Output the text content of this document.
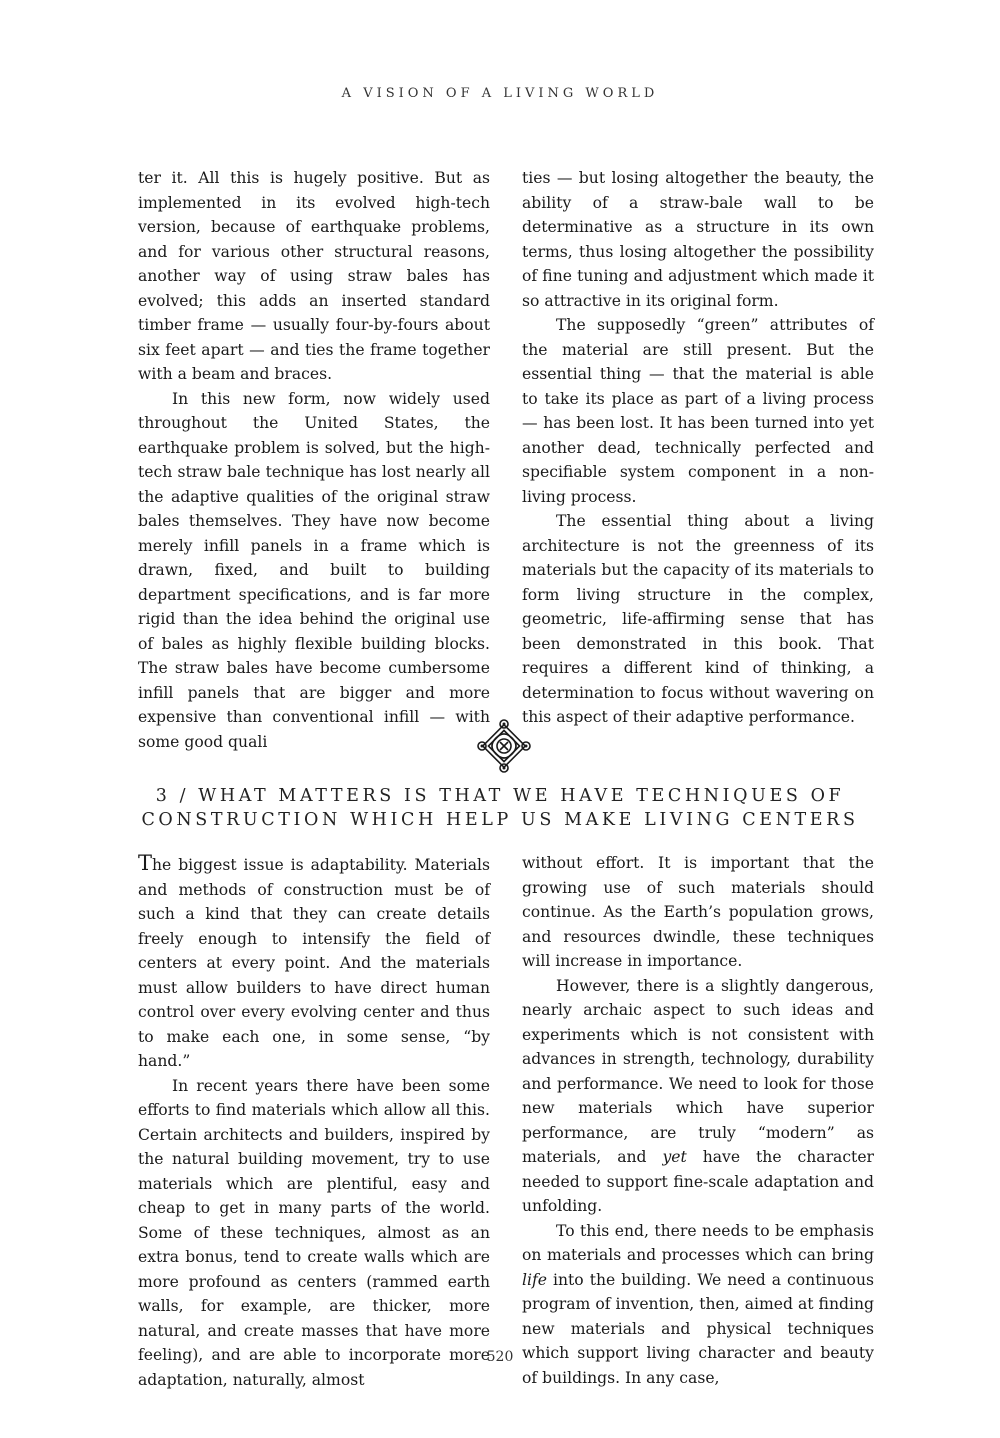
A VISION OF A LIVING WORLD

ter it. All this is hugely positive. But as implemented in its evolved high-tech version, because of earthquake problems, and for various other structural reasons, another way of using straw bales has evolved; this adds an inserted standard timber frame — usually four-by-fours about six feet apart — and ties the frame together with a beam and braces.

In this new form, now widely used throughout the United States, the earthquake problem is solved, but the high-tech straw bale technique has lost nearly all the adaptive qualities of the original straw bales themselves. They have now become merely infill panels in a frame which is drawn, fixed, and built to building department specifications, and is far more rigid than the idea behind the original use of bales as highly flexible building blocks. The straw bales have become cumbersome infill panels that are bigger and more expensive than conventional infill — with some good quali

ties — but losing altogether the beauty, the ability of a straw-bale wall to be determinative as a structure in its own terms, thus losing altogether the possibility of fine tuning and adjustment which made it so attractive in its original form.

The supposedly “green” attributes of the material are still present. But the essential thing — that the material is able to take its place as part of a living process — has been lost. It has been turned into yet another dead, technically perfected and specifiable system component in a non-living process.

The essential thing about a living architecture is not the greenness of its materials but the capacity of its materials to form living structure in the complex, geometric, life-affirming sense that has been demonstrated in this book. That requires a different kind of thinking, a determination to focus without wavering on this aspect of their adaptive performance.

3 / WHAT MATTERS IS THAT WE HAVE TECHNIQUES OF
CONSTRUCTION WHICH HELP US MAKE LIVING CENTERS

The biggest issue is adaptability. Materials and methods of construction must be of such a kind that they can create details freely enough to intensify the field of centers at every point. And the materials must allow builders to have direct human control over every evolving center and thus to make each one, in some sense, “by hand.”

In recent years there have been some efforts to find materials which allow all this. Certain architects and builders, inspired by the natural building movement, try to use materials which are plentiful, easy and cheap to get in many parts of the world. Some of these techniques, almost as an extra bonus, tend to create walls which are more profound as centers (rammed earth walls, for example, are thicker, more natural, and create masses that have more feeling), and are able to incorporate more adaptation, naturally, almost

without effort. It is important that the growing use of such materials should continue. As the Earth’s population grows, and resources dwindle, these techniques will increase in importance.

However, there is a slightly dangerous, nearly archaic aspect to such ideas and experiments which is not consistent with advances in strength, technology, durability and performance. We need to look for those new materials which have superior performance, are truly “modern” as materials, and yet have the character needed to support fine-scale adaptation and unfolding.

To this end, there needs to be emphasis on materials and processes which can bring life into the building. We need a continuous program of invention, then, aimed at finding new materials and physical techniques which support living character and beauty of buildings. In any case,

520
